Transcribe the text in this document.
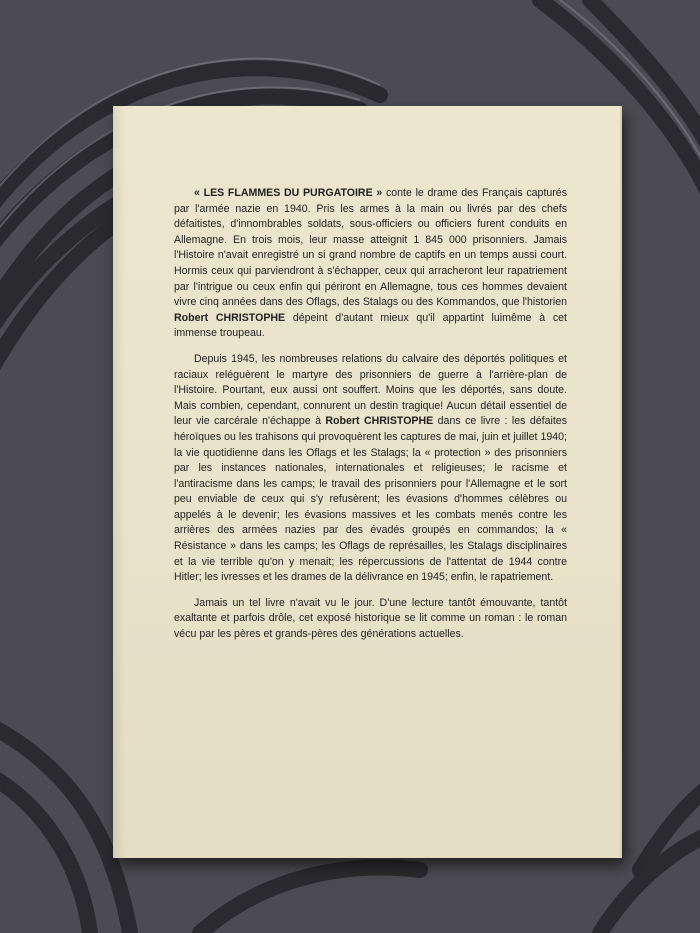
« LES FLAMMES DU PURGATOIRE » conte le drame des Français capturés par l'armée nazie en 1940. Pris les armes à la main ou livrés par des chefs défaitistes, d'innombrables soldats, sous-officiers ou officiers furent conduits en Allemagne. En trois mois, leur masse atteignit 1 845 000 prisonniers. Jamais l'Histoire n'avait enregistré un si grand nombre de captifs en un temps aussi court. Hormis ceux qui parviendront à s'échapper, ceux qui arracheront leur rapatriement par l'intrigue ou ceux enfin qui périront en Allemagne, tous ces hommes devaient vivre cinq années dans des Oflags, des Stalags ou des Kommandos, que l'historien Robert CHRISTOPHE dépeint d'autant mieux qu'il appartint luimême à cet immense troupeau.

Depuis 1945, les nombreuses relations du calvaire des déportés politiques et raciaux reléguèrent le martyre des prisonniers de guerre à l'arrière-plan de l'Histoire. Pourtant, eux aussi ont souffert. Moins que les déportés, sans doute. Mais combien, cependant, connurent un destin tragique! Aucun détail essentiel de leur vie carcérale n'échappe à Robert CHRISTOPHE dans ce livre : les défaites héroïques ou les trahisons qui provoquèrent les captures de mai, juin et juillet 1940; la vie quotidienne dans les Oflags et les Stalags; la « protection » des prisonniers par les instances nationales, internationales et religieuses; le racisme et l'antiracisme dans les camps; le travail des prisonniers pour l'Allemagne et le sort peu enviable de ceux qui s'y refusèrent; les évasions d'hommes célèbres ou appelés à le devenir; les évasions massives et les combats menés contre les arrières des armées nazies par des évadés groupés en commandos; la « Résistance » dans les camps; les Oflags de représailles, les Stalags disciplinaires et la vie terrible qu'on y menait; les répercussions de l'attentat de 1944 contre Hitler; les ivresses et les drames de la délivrance en 1945; enfin, le rapatriement.

Jamais un tel livre n'avait vu le jour. D'une lecture tantôt émouvante, tantôt exaltante et parfois drôle, cet exposé historique se lit comme un roman : le roman vécu par les pères et grands-pères des générations actuelles.
